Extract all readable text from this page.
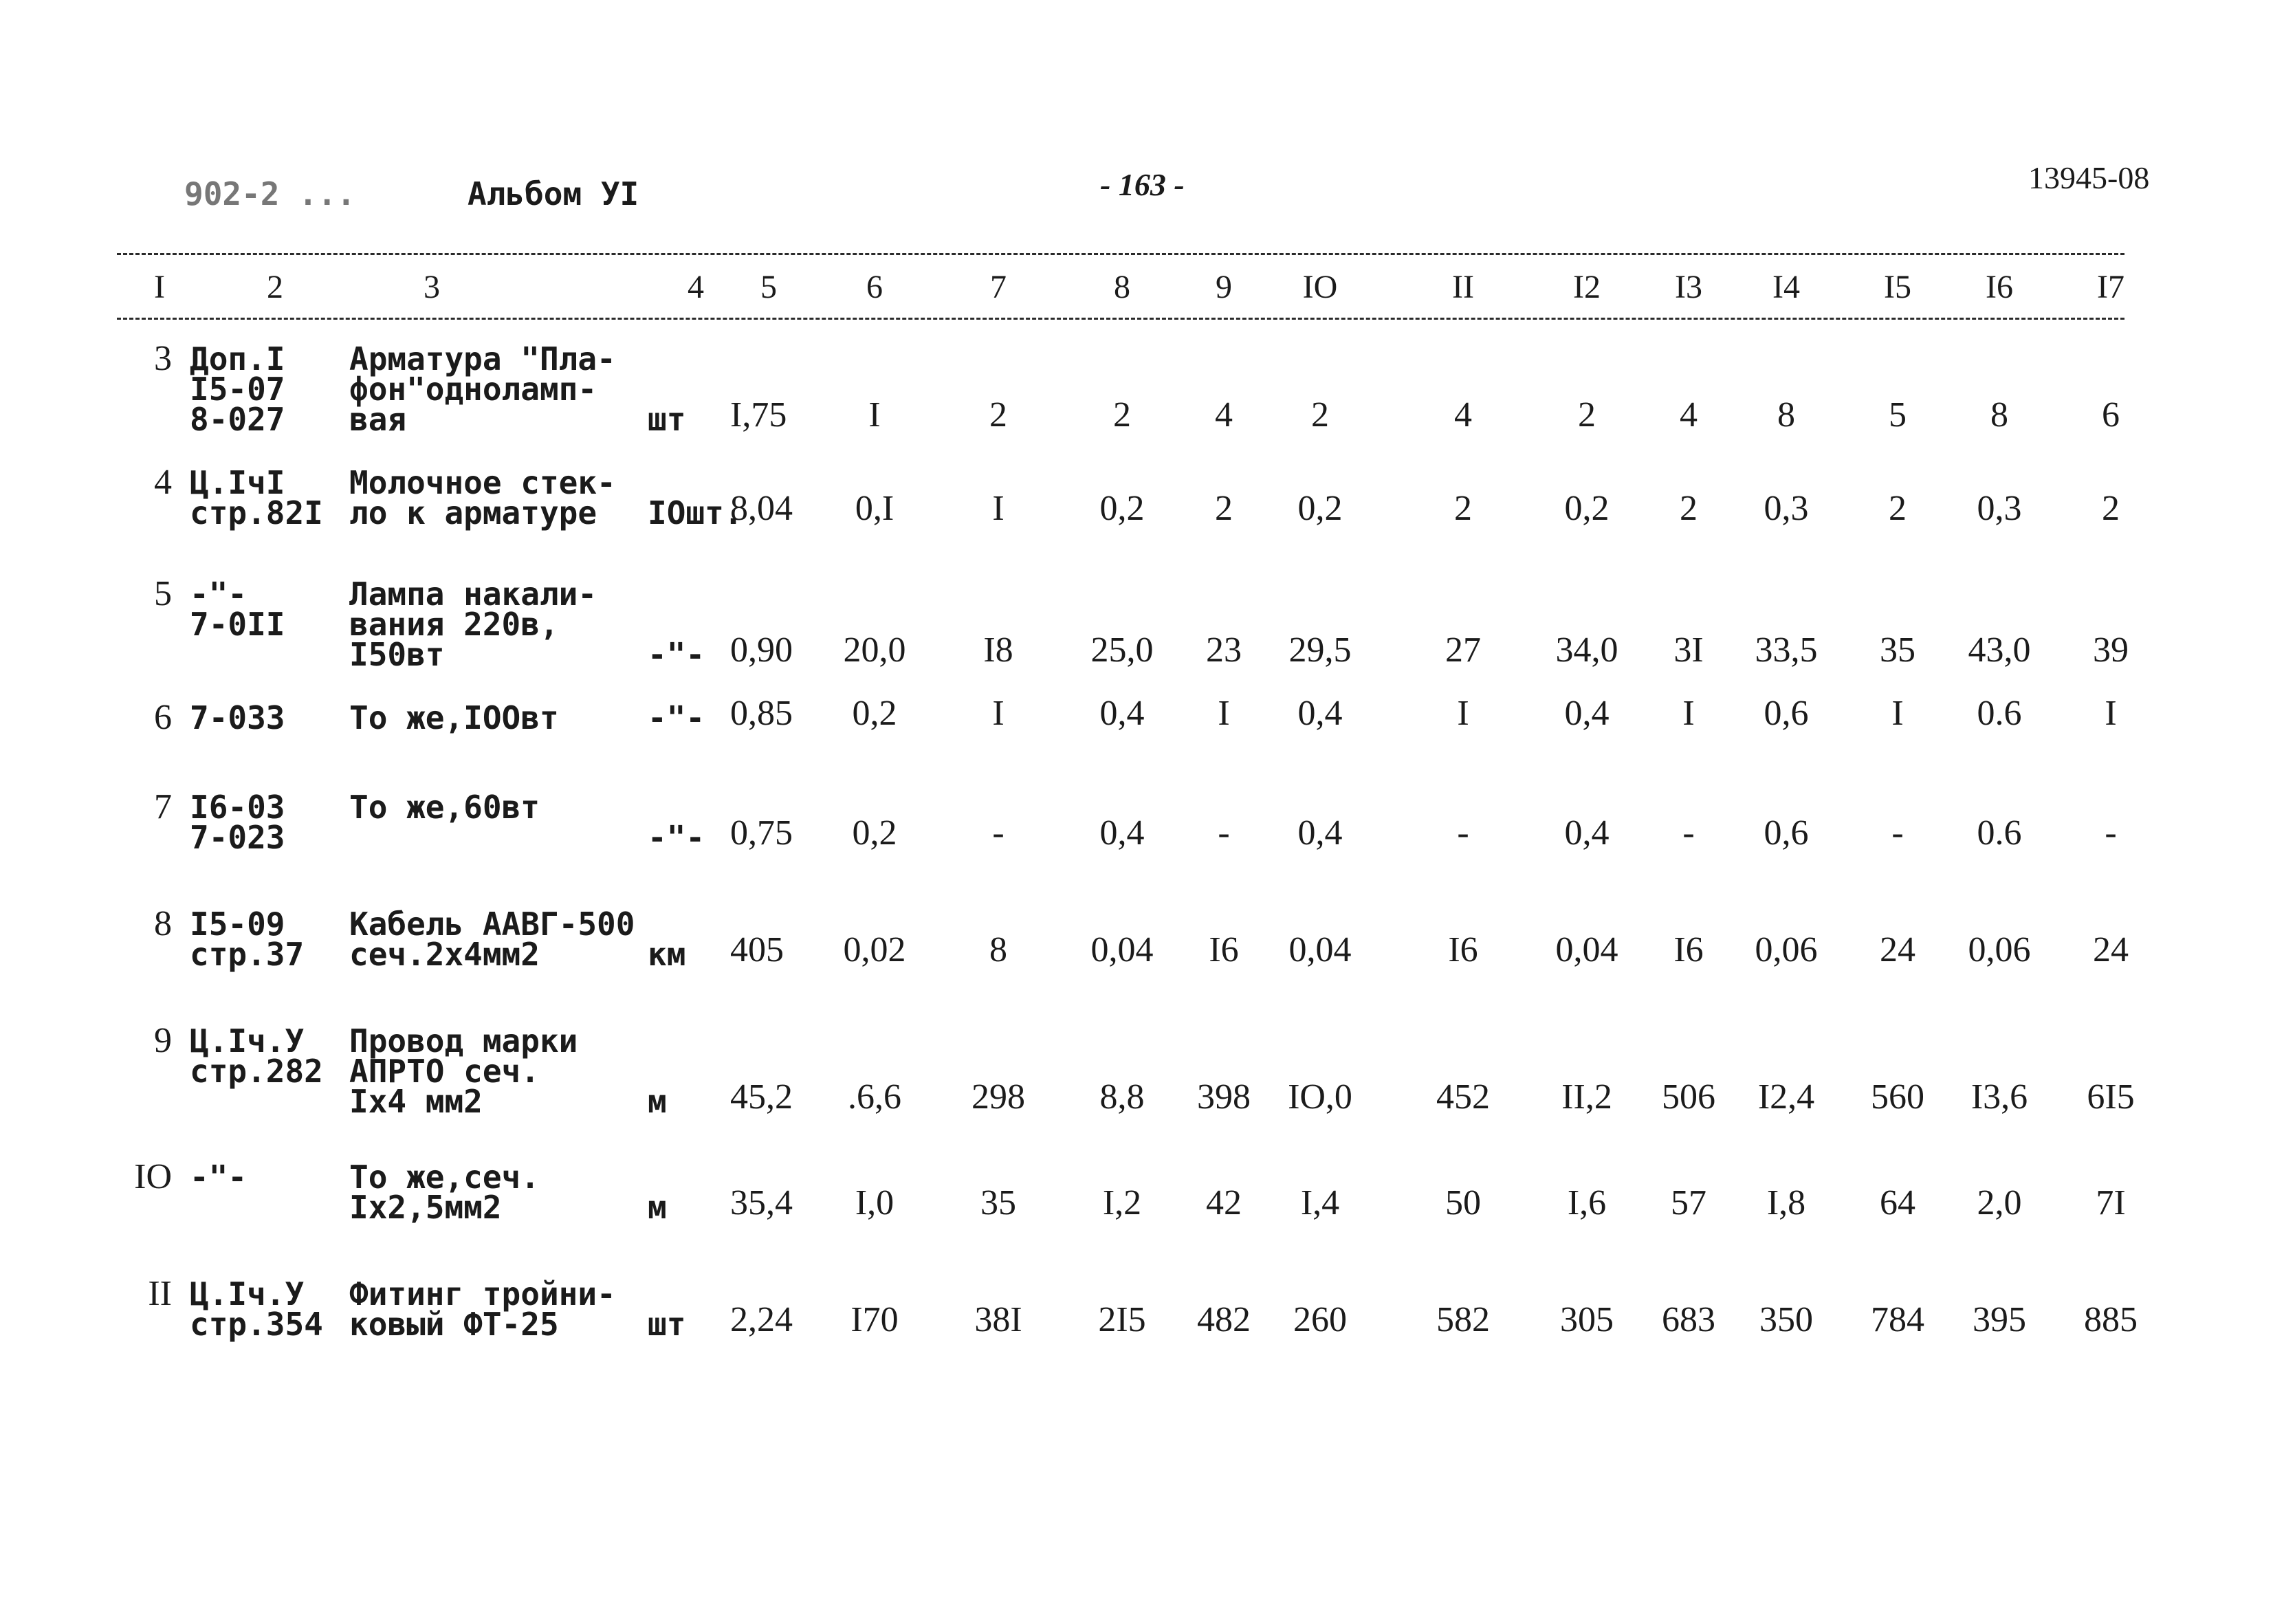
902-2 ...	Альбом УI	- 163 -	13945-08
I	2	3	4 5	6	7	8	9 IO	II	I2 I3 I4	I5 I6	I7
3 Доп.I
I5-07
8-027
Арматура "Пла-
фон"одноламп-
вая	шт I,75 I	2	2 4 2	4	2 4 8	5 8	6
4 Ц.IчI
стр.82I
Молочное стек-
ло к арматуре	IOшт.
8,04 0,I	I	0,2 2 0,2	2	0,2 2 0,3 2 0,3 2
5 -"-
7-0II
Лампа накали-
вания 220в,
I50вт	-"- 0,90 20,0 I8 25,0 23 29,5	27 34,0 3I 33,5 35 43,0 39
6 7-033 То же,IOOвт	-"- 0,85 0,2	I	0,4 I 0,4	I	0,4 I 0,6 I 0.6 I
7 I6-03
7-023
То же,60вт
-"- 0,75 0,2	-	0,4 - 0,4	-	0,4 - 0,6 - 0.6 -
8 I5-09
стр.37
Кабель ААВГ-500
сеч.2х4мм2	км 405 0,02 8 0,04 I6 0,04	I6 0,04 I6 0,06 24 0,06 24
9 Ц.Iч.У
стр.282
Провод марки
АПРТО сеч.
Iх4 мм2	м 45,2 .6,6 298 8,8 398 IO,0 452 II,2 506 I2,4 560 I3,6 6I5
IO -"-	То же,сеч.
Iх2,5мм2	м 35,4 I,0 35 I,2 42 I,4	50 I,6 57 I,8 64 2,0 7I
II Ц.Iч.У
стр.354
Фитинг тройни-
ковый ФТ-25	шт 2,24 I70 38I 2I5 482 260	582 305 683 350 784 395 885
